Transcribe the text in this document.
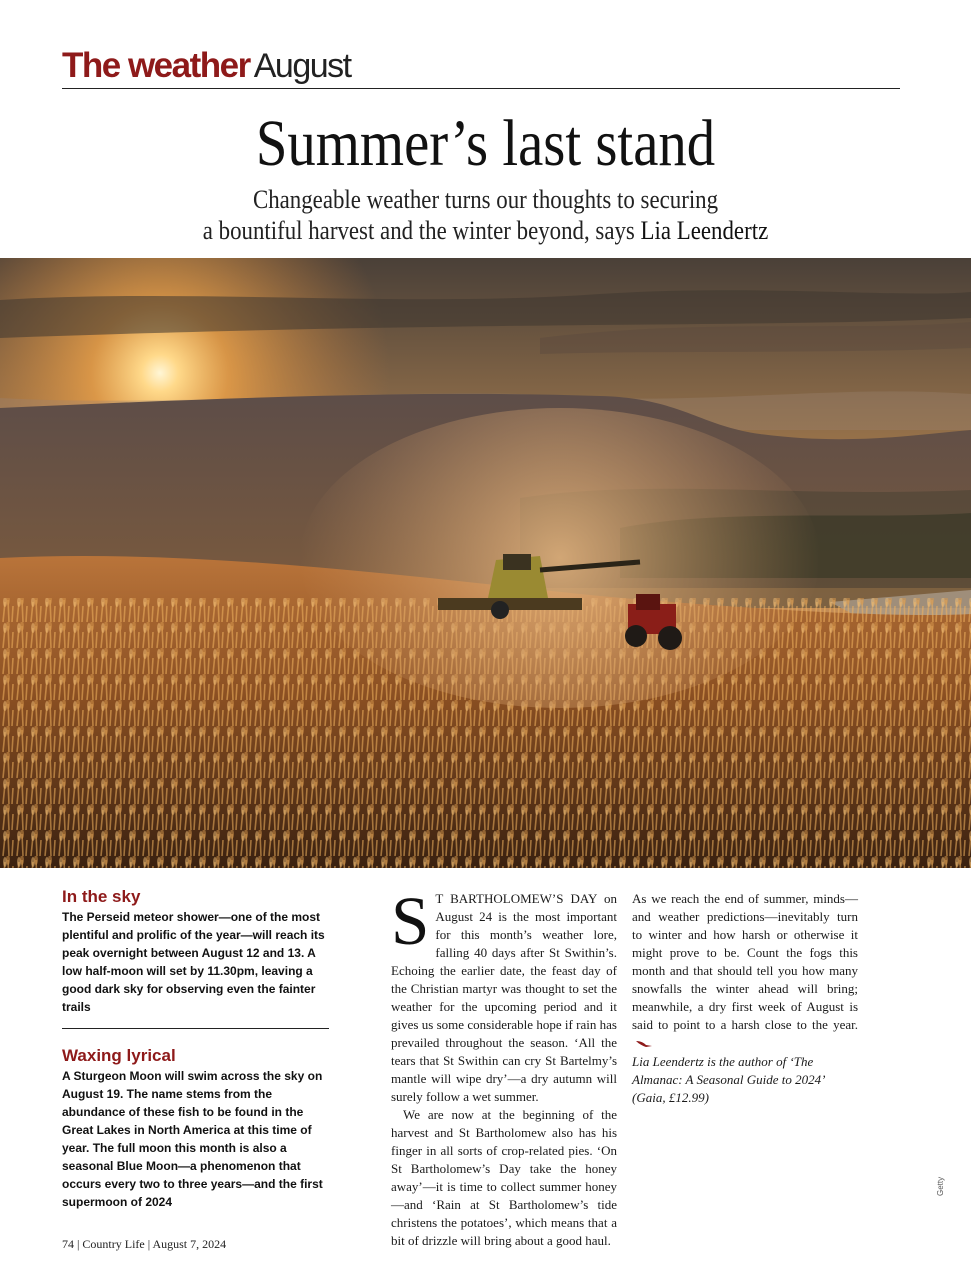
The weather August
Summer’s last stand

Changeable weather turns our thoughts to securing
a bountiful harvest and the winter beyond, says Lia Leendertz

In the sky

The Perseid meteor shower—one of the most plentiful and prolific of the year—will reach its peak overnight between August 12 and 13. A low half-moon will set by 11.30pm, leaving a good dark sky for observing even the fainter trails

Waxing lyrical

A Sturgeon Moon will swim across the sky on August 19. The name stems from the abundance of these fish to be found in the Great Lakes in North America at this time of year. The full moon this month is also a seasonal Blue Moon—a phenomenon that occurs every two to three years—and the first supermoon of 2024

S T BARTHOLOMEW’S DAY on August 24 is the most important for this month’s weather lore, falling 40 days after St Swithin’s. Echoing the earlier date, the feast day of the Christian martyr was thought to set the weather for the upcoming period and it gives us some considerable hope if rain has prevailed throughout the season. ‘All the tears that St Swithin can cry St Bartelmy’s mantle will wipe dry’—a dry autumn will surely follow a wet summer.

We are now at the beginning of the harvest and St Bartholomew also has his finger in all sorts of crop-related pies. ‘On St Bartholomew’s Day take the honey away’—it is time to collect summer honey—and ‘Rain at St Bartholomew’s tide christens the potatoes’, which means that a bit of drizzle will bring about a good haul.

As we reach the end of summer, minds—and weather predictions—inevitably turn to winter and how harsh or otherwise it might prove to be. Count the fogs this month and that should tell you how many snowfalls the winter ahead will bring; meanwhile, a dry first week of August is said to point to a harsh close to the year.

Lia Leendertz is the author of ‘The Almanac: A Seasonal Guide to 2024’ (Gaia, £12.99)

Getty
74 | Country Life | August 7, 2024
